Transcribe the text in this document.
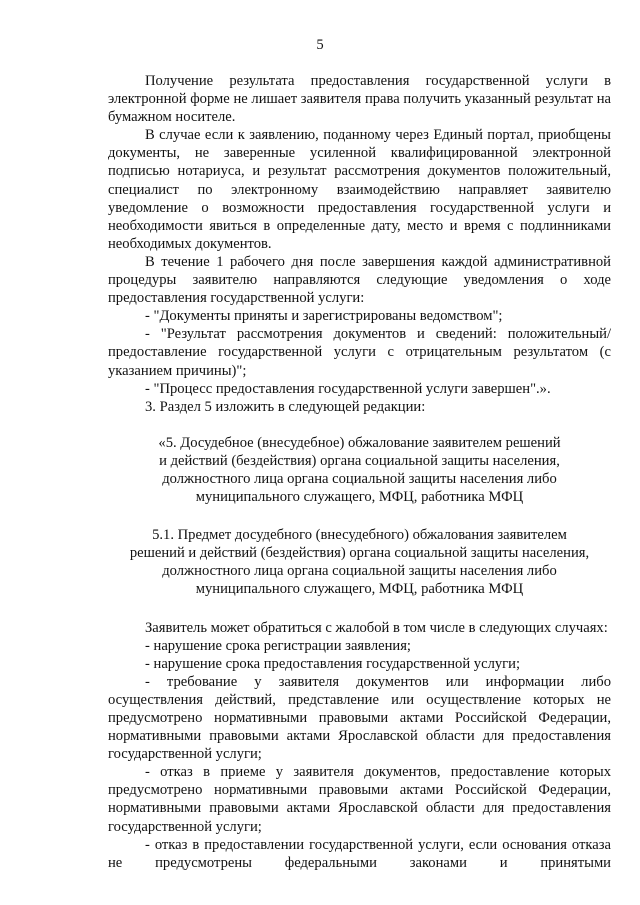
5

Получение результата предоставления государственной услуги в электронной форме не лишает заявителя права получить указанный результат на бумажном носителе.

В случае если к заявлению, поданному через Единый портал, приобщены документы, не заверенные усиленной квалифицированной электронной подписью нотариуса, и результат рассмотрения документов положительный, специалист по электронному взаимодействию направляет заявителю уведомление о возможности предоставления государственной услуги и необходимости явиться в определенные дату, место и время с подлинниками необходимых документов.

В течение 1 рабочего дня после завершения каждой административной процедуры заявителю направляются следующие уведомления о ходе предоставления государственной услуги:

- "Документы приняты и зарегистрированы ведомством";

- "Результат рассмотрения документов и сведений: положительный/ предоставление государственной услуги с отрицательным результатом (с указанием причины)";

- "Процесс предоставления государственной услуги завершен".».

3. Раздел 5 изложить в следующей редакции:

«5. Досудебное (внесудебное) обжалование заявителем решений

и действий (бездействия) органа социальной защиты населения,

должностного лица органа социальной защиты населения либо

муниципального служащего, МФЦ, работника МФЦ

5.1. Предмет досудебного (внесудебного) обжалования заявителем

решений и действий (бездействия) органа социальной защиты населения,

должностного лица органа социальной защиты населения либо

муниципального служащего, МФЦ, работника МФЦ

Заявитель может обратиться с жалобой в том числе в следующих случаях:

- нарушение срока регистрации заявления;

- нарушение срока предоставления государственной услуги;

- требование у заявителя документов или информации либо осуществления действий, представление или осуществление которых не предусмотрено нормативными правовыми актами Российской Федерации, нормативными правовыми актами Ярославской области для предоставления государственной услуги;

- отказ в приеме у заявителя документов, предоставление которых предусмотрено нормативными правовыми актами Российской Федерации, нормативными правовыми актами Ярославской области для предоставления государственной услуги;

- отказ в предоставлении государственной услуги, если основания отказа не предусмотрены федеральными законами и принятыми
